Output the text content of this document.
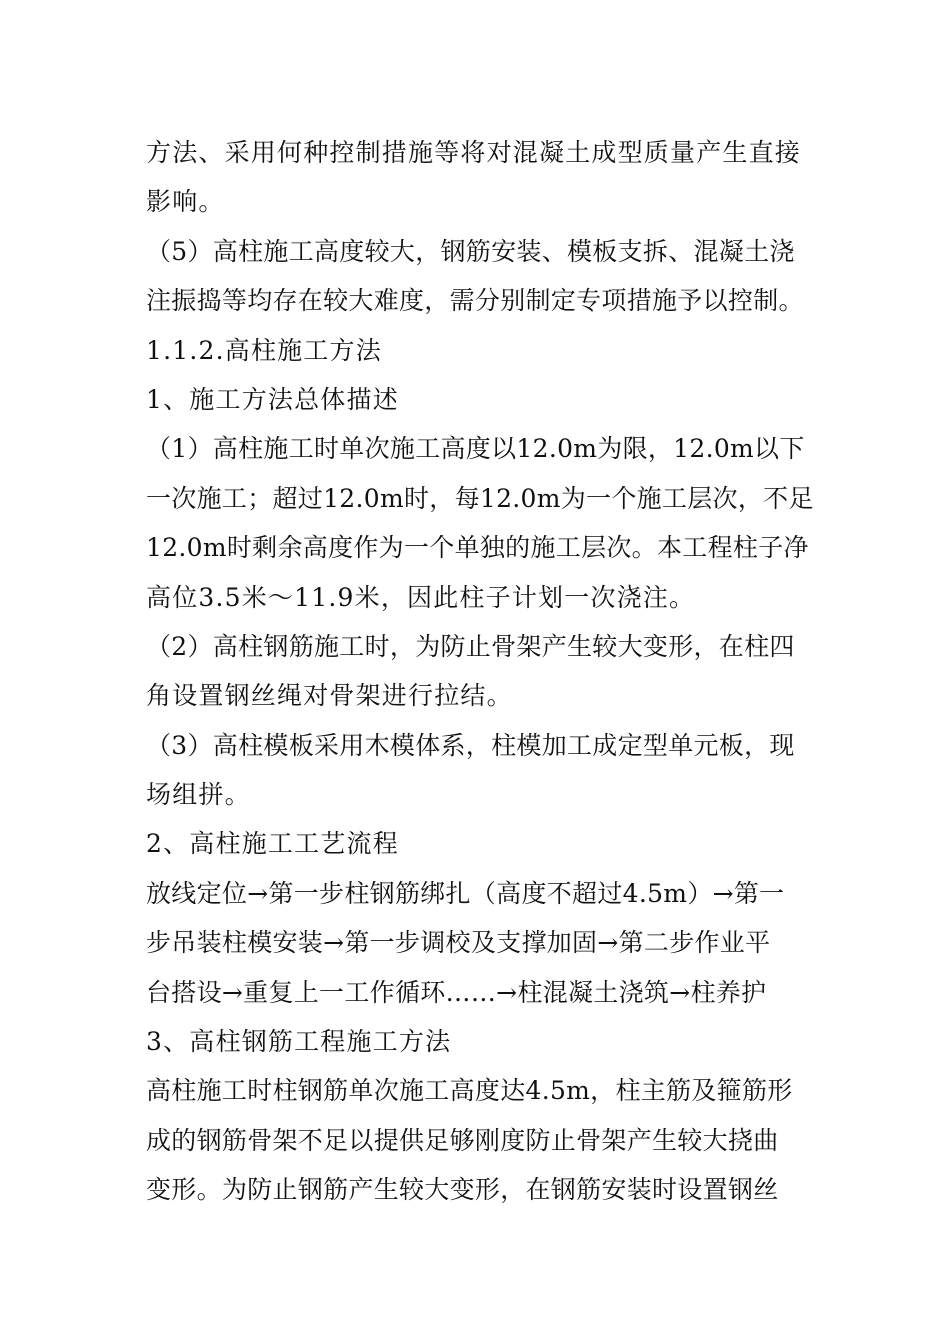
方法、采用何种控制措施等将对混凝土成型质量产生直接
影响。
（5）高柱施工高度较大，钢筋安装、模板支拆、混凝土浇
注振捣等均存在较大难度，需分别制定专项措施予以控制。
1.1.2.高柱施工方法
1、施工方法总体描述
（1）高柱施工时单次施工高度以12.0m为限，12.0m以下
一次施工；超过12.0m时，每12.0m为一个施工层次，不足
12.0m时剩余高度作为一个单独的施工层次。本工程柱子净
高位3.5米～11.9米，因此柱子计划一次浇注。
（2）高柱钢筋施工时，为防止骨架产生较大变形，在柱四
角设置钢丝绳对骨架进行拉结。
（3）高柱模板采用木模体系，柱模加工成定型单元板，现
场组拼。
2、高柱施工工艺流程
放线定位→第一步柱钢筋绑扎（高度不超过4.5m）→第一
步吊装柱模安装→第一步调校及支撑加固→第二步作业平
台搭设→重复上一工作循环……→柱混凝土浇筑→柱养护
3、高柱钢筋工程施工方法
高柱施工时柱钢筋单次施工高度达4.5m，柱主筋及箍筋形
成的钢筋骨架不足以提供足够刚度防止骨架产生较大挠曲
变形。为防止钢筋产生较大变形，在钢筋安装时设置钢丝
